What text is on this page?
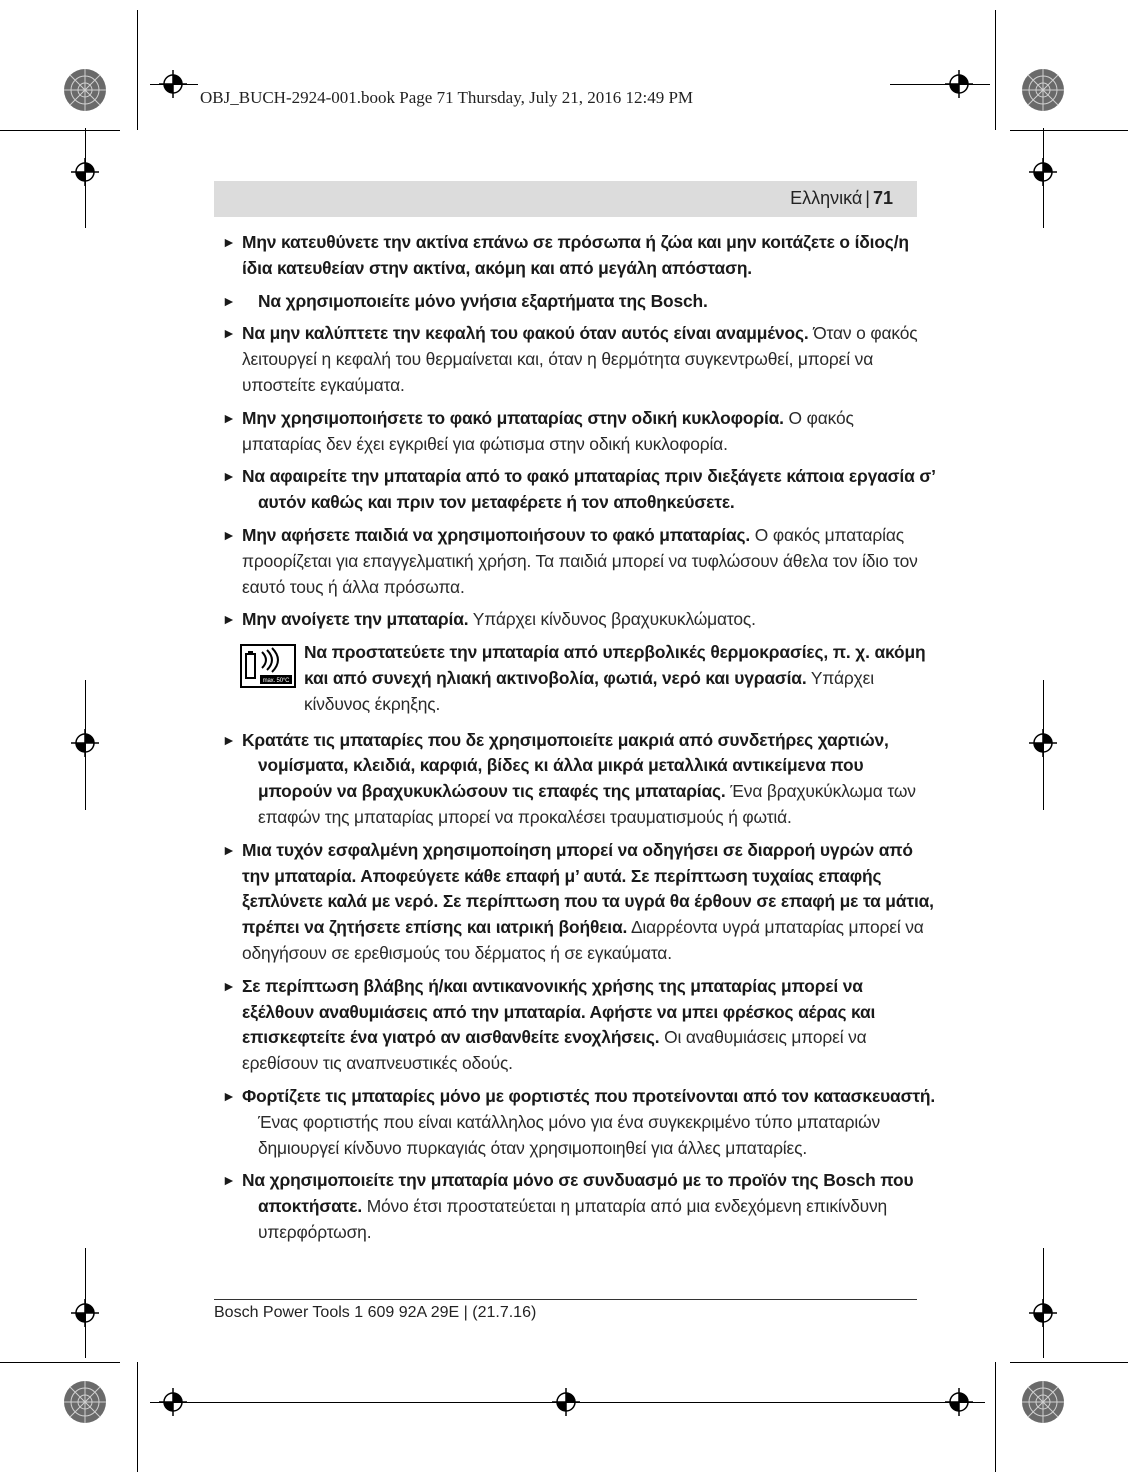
OBJ_BUCH-2924-001.book Page 71 Thursday, July 21, 2016 12:49 PM
Ελληνικά | 71
► Μην κατευθύνετε την ακτίνα επάνω σε πρόσωπα ή ζώα και μην κοιτάζετε ο ίδιος/η ίδια κατευθείαν στην ακτίνα, ακόμη και από μεγάλη απόσταση.
► Να χρησιμοποιείτε μόνο γνήσια εξαρτήματα της Bosch.
► Να μην καλύπτετε την κεφαλή του φακού όταν αυτός είναι αναμμένος. Όταν ο φακός λειτουργεί η κεφαλή του θερμαίνεται και, όταν η θερμότητα συγκεντρωθεί, μπορεί να υποστείτε εγκαύματα.
► Μην χρησιμοποιήσετε το φακό μπαταρίας στην οδική κυκλοφορία. Ο φακός μπαταρίας δεν έχει εγκριθεί για φώτισμα στην οδική κυκλοφορία.
► Να αφαιρείτε την μπαταρία από το φακό μπαταρίας πριν διεξάγετε κάποια εργασία σ’ αυτόν καθώς και πριν τον μεταφέρετε ή τον αποθηκεύσετε.
► Μην αφήσετε παιδιά να χρησιμοποιήσουν το φακό μπαταρίας. Ο φακός μπαταρίας προορίζεται για επαγγελματική χρήση. Τα παιδιά μπορεί να τυφλώσουν άθελα τον ίδιο τον εαυτό τους ή άλλα πρόσωπα.
► Μην ανοίγετε την μπαταρία. Υπάρχει κίνδυνος βραχυκυκλώματος.
max. 50°C
Να προστατεύετε την μπαταρία από υπερβολικές θερμοκρασίες, π. χ. ακόμη και από συνεχή ηλιακή ακτινοβολία, φωτιά, νερό και υγρασία. Υπάρχει κίνδυνος έκρηξης.
► Κρατάτε τις μπαταρίες που δε χρησιμοποιείτε μακριά από συνδετήρες χαρτιών, νομίσματα, κλειδιά, καρφιά, βίδες κι άλλα μικρά μεταλλικά αντικείμενα που μπορούν να βραχυκυκλώσουν τις επαφές της μπαταρίας. Ένα βραχυκύκλωμα των επαφών της μπαταρίας μπορεί να προκαλέσει τραυματισμούς ή φωτιά.
► Μια τυχόν εσφαλμένη χρησιμοποίηση μπορεί να οδηγήσει σε διαρροή υγρών από την μπαταρία. Αποφεύγετε κάθε επαφή μ’ αυτά. Σε περίπτωση τυχαίας επαφής ξεπλύνετε καλά με νερό. Σε περίπτωση που τα υγρά θα έρθουν σε επαφή με τα μάτια, πρέπει να ζητήσετε επίσης και ιατρική βοήθεια. Διαρρέοντα υγρά μπαταρίας μπορεί να οδηγήσουν σε ερεθισμούς του δέρματος ή σε εγκαύματα.
► Σε περίπτωση βλάβης ή/και αντικανονικής χρήσης της μπαταρίας μπορεί να εξέλθουν αναθυμιάσεις από την μπαταρία. Αφήστε να μπει φρέσκος αέρας και επισκεφτείτε ένα γιατρό αν αισθανθείτε ενοχλήσεις. Οι αναθυμιάσεις μπορεί να ερεθίσουν τις αναπνευστικές οδούς.
► Φορτίζετε τις μπαταρίες μόνο με φορτιστές που προτείνονται από τον κατασκευαστή. Ένας φορτιστής που είναι κατάλληλος μόνο για ένα συγκεκριμένο τύπο μπαταριών δημιουργεί κίνδυνο πυρκαγιάς όταν χρησιμοποιηθεί για άλλες μπαταρίες.
► Να χρησιμοποιείτε την μπαταρία μόνο σε συνδυασμό με το προϊόν της Bosch που αποκτήσατε. Μόνο έτσι προστατεύεται η μπαταρία από μια ενδεχόμενη επικίνδυνη υπερφόρτωση.
Bosch Power Tools 1 609 92A 29E | (21.7.16)
